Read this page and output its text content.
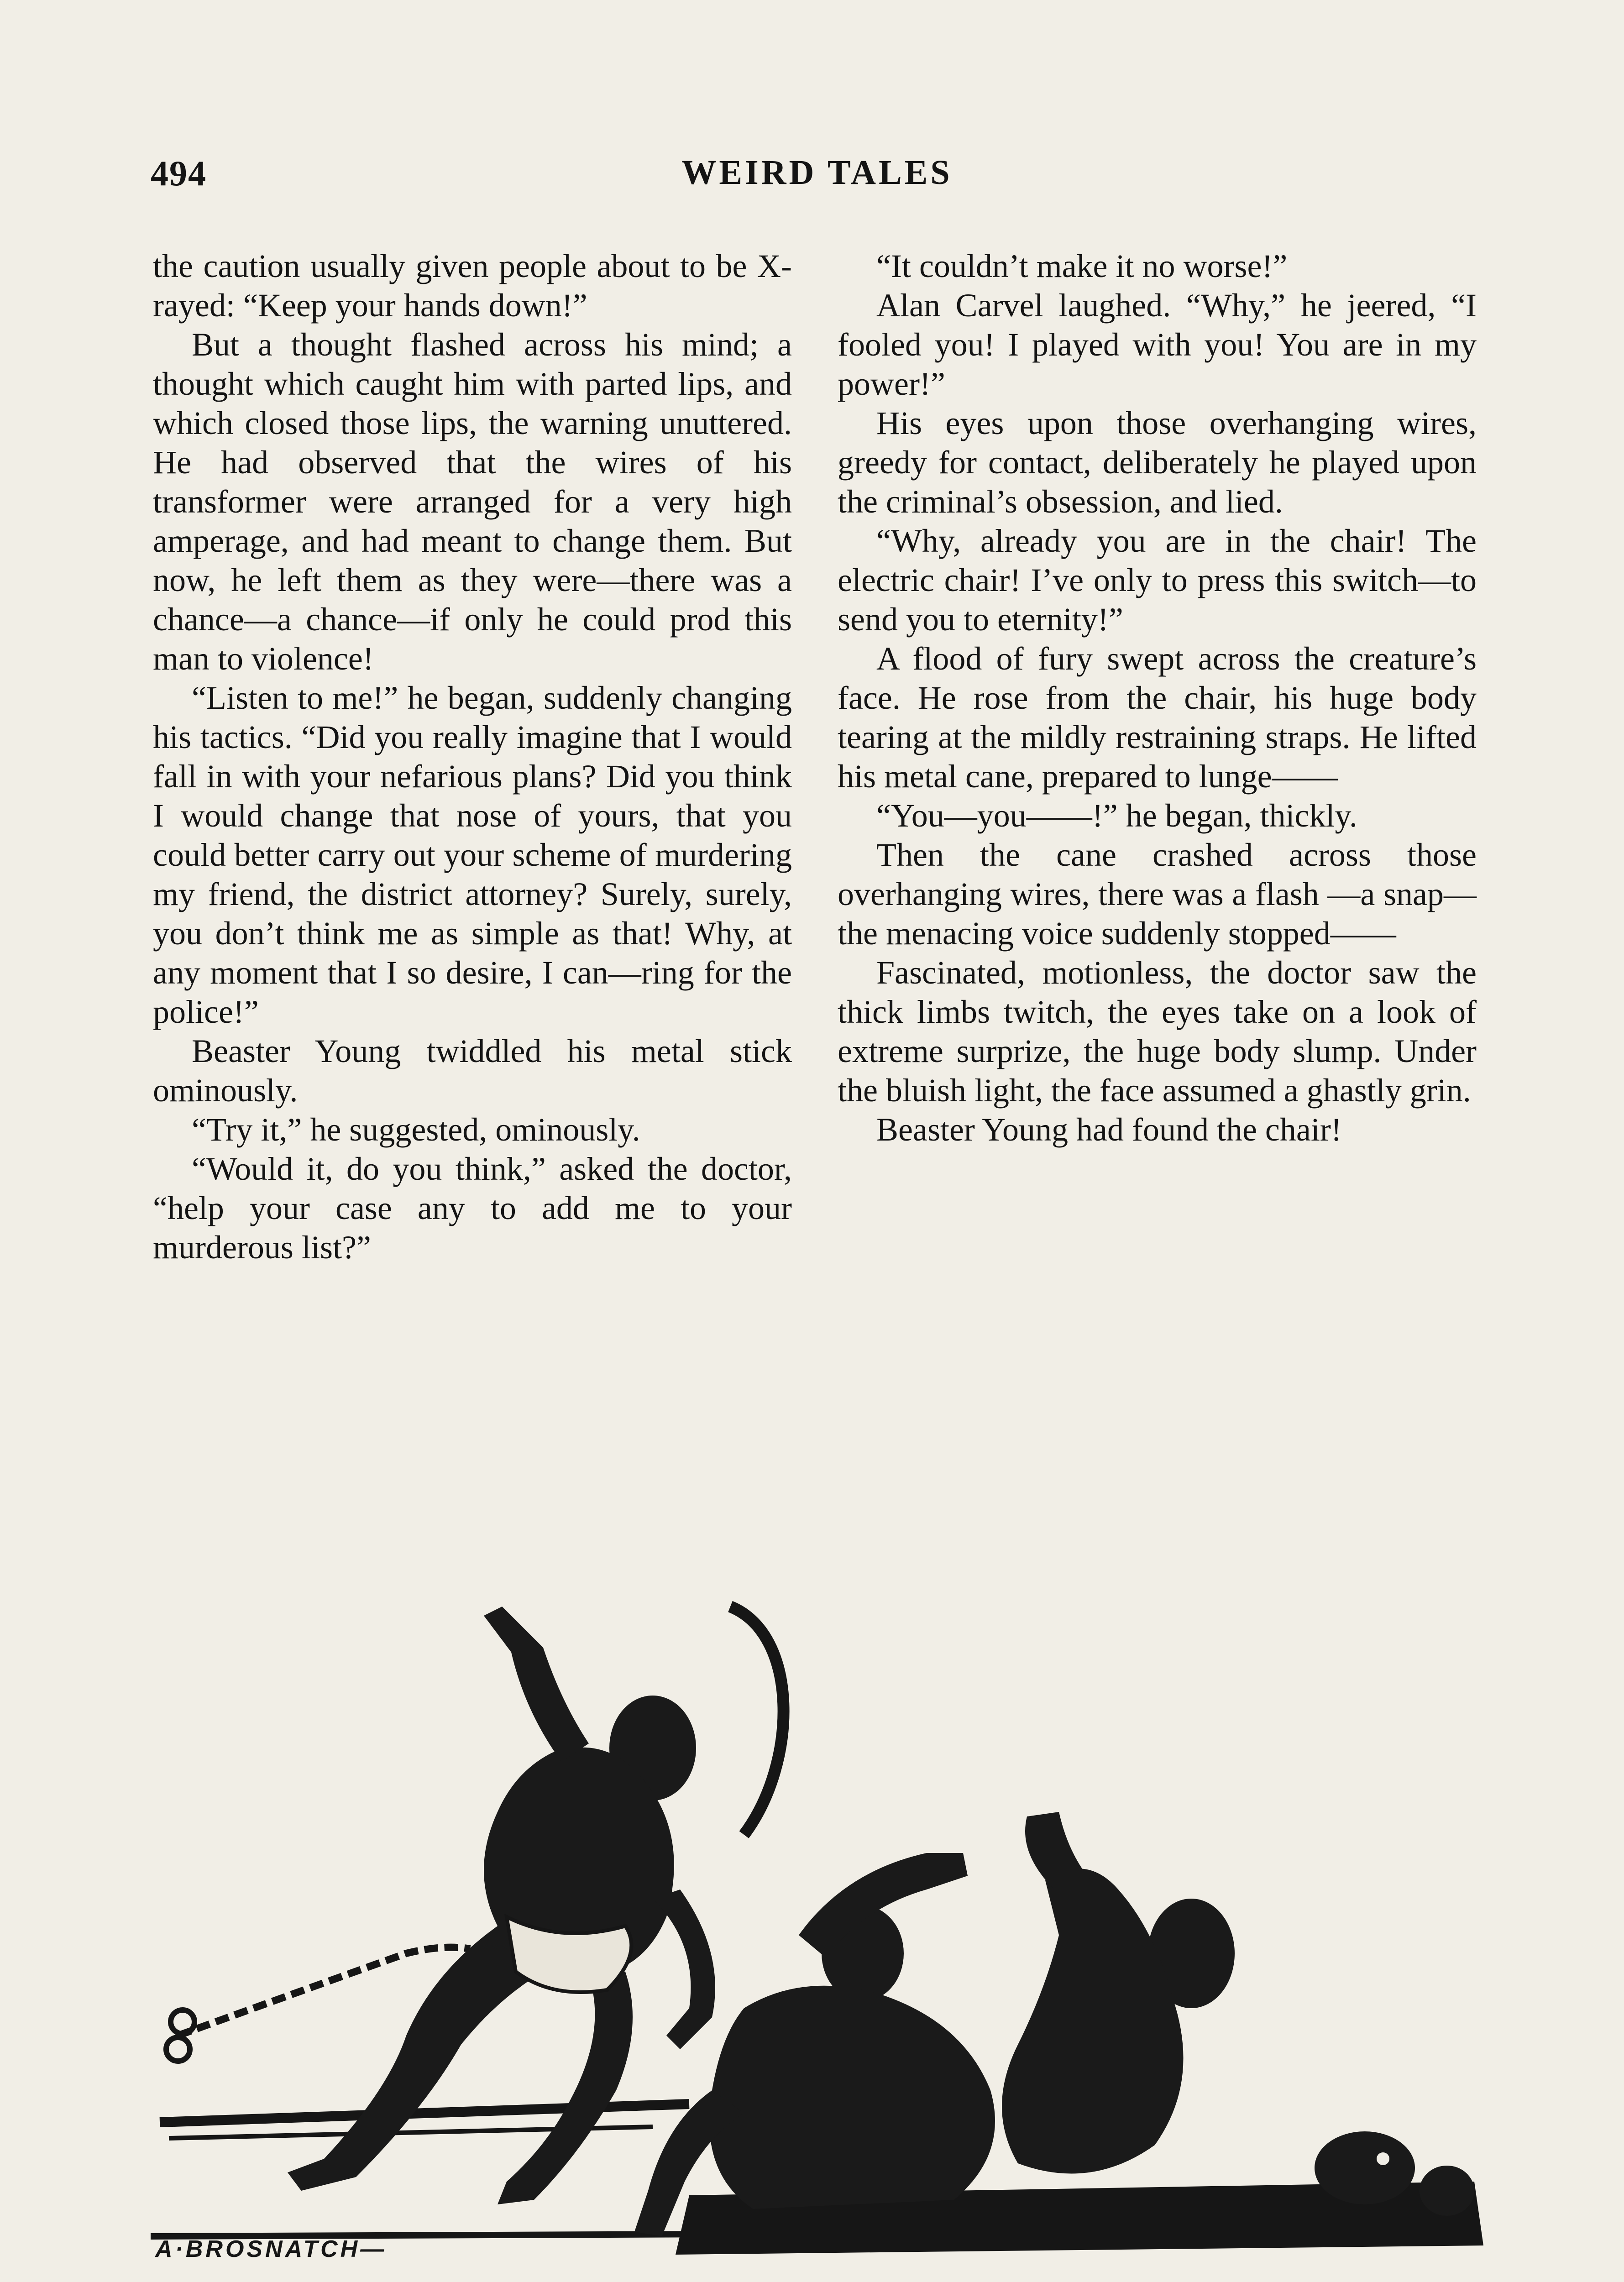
494	WEIRD TALES

the caution usually given people about to be X-rayed: “Keep your hands down!”

But a thought flashed across his mind; a thought which caught him with parted lips, and which closed those lips, the warning unuttered. He had observed that the wires of his transformer were arranged for a very high amperage, and had meant to change them. But now, he left them as they were—there was a chance—a chance—if only he could prod this man to violence!

“Listen to me!” he began, suddenly changing his tactics. “Did you really imagine that I would fall in with your nefarious plans? Did you think I would change that nose of yours, that you could better carry out your scheme of murdering my friend, the district attorney? Surely, surely, you don’t think me as simple as that! Why, at any moment that I so desire, I can—ring for the police!”

Beaster Young twiddled his metal stick ominously.

“Try it,” he suggested, ominously.

“Would it, do you think,” asked the doctor, “help your case any to add me to your murderous list?”

“It couldn’t make it no worse!”

Alan Carvel laughed. “Why,” he jeered, “I fooled you! I played with you! You are in my power!”

His eyes upon those overhanging wires, greedy for contact, deliberately he played upon the criminal’s obsession, and lied.

“Why, already you are in the chair! The electric chair! I’ve only to press this switch—to send you to eternity!”

A flood of fury swept across the creature’s face. He rose from the chair, his huge body tearing at the mildly restraining straps. He lifted his metal cane, prepared to lunge——

“You—you——!” he began, thickly.

Then the cane crashed across those overhanging wires, there was a flash —a snap—the menacing voice suddenly stopped——

Fascinated, motionless, the doctor saw the thick limbs twitch, the eyes take on a look of extreme surprize, the huge body slump. Under the bluish light, the face assumed a ghastly grin.

Beaster Young had found the chair!

A·BROSNATCH—
